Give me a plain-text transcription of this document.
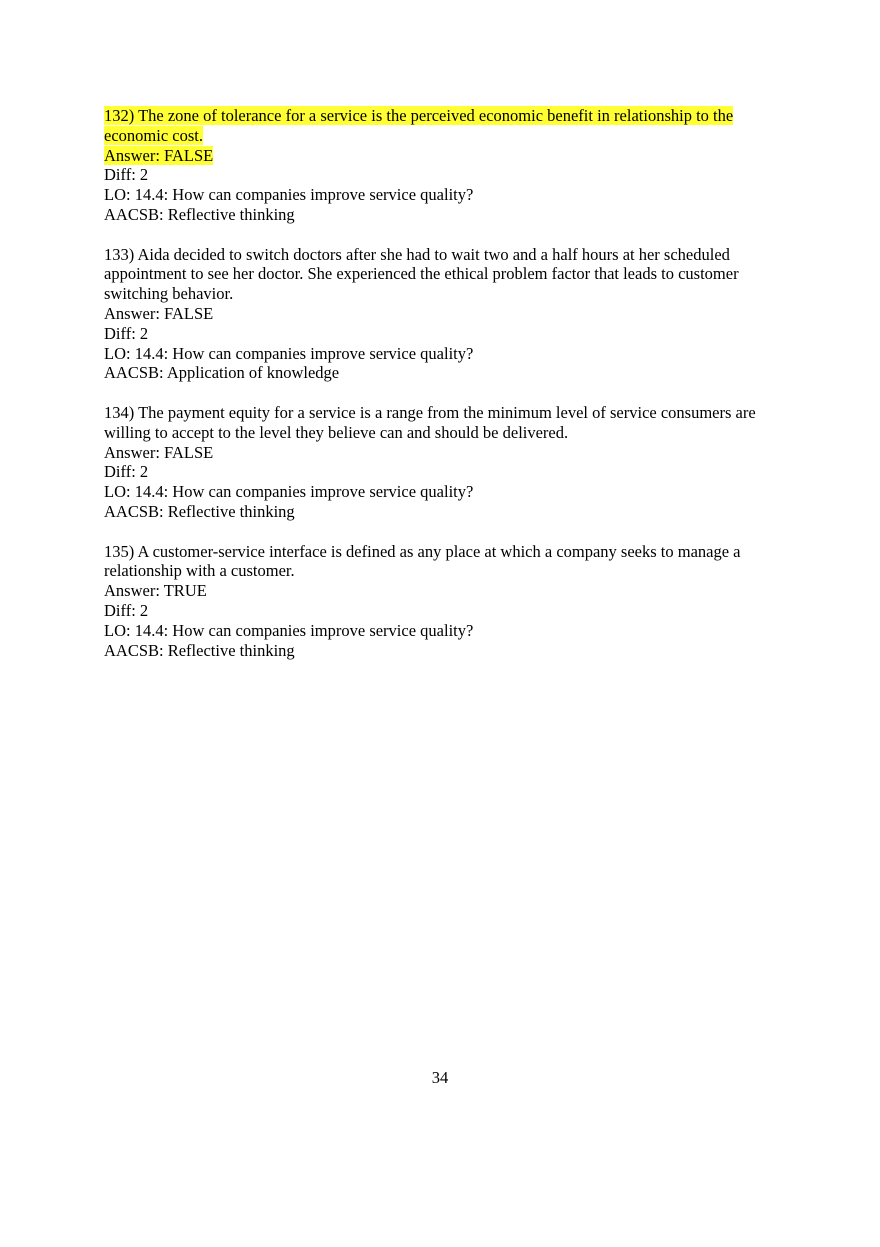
132) The zone of tolerance for a service is the perceived economic benefit in relationship to the economic cost.

Answer: FALSE

Diff: 2

LO: 14.4: How can companies improve service quality?

AACSB: Reflective thinking

133) Aida decided to switch doctors after she had to wait two and a half hours at her scheduled appointment to see her doctor. She experienced the ethical problem factor that leads to customer switching behavior.

Answer: FALSE

Diff: 2

LO: 14.4: How can companies improve service quality?

AACSB: Application of knowledge

134) The payment equity for a service is a range from the minimum level of service consumers are willing to accept to the level they believe can and should be delivered.

Answer: FALSE

Diff: 2

LO: 14.4: How can companies improve service quality?

AACSB: Reflective thinking

135) A customer-service interface is defined as any place at which a company seeks to manage a relationship with a customer.

Answer: TRUE

Diff: 2

LO: 14.4: How can companies improve service quality?

AACSB: Reflective thinking

34
